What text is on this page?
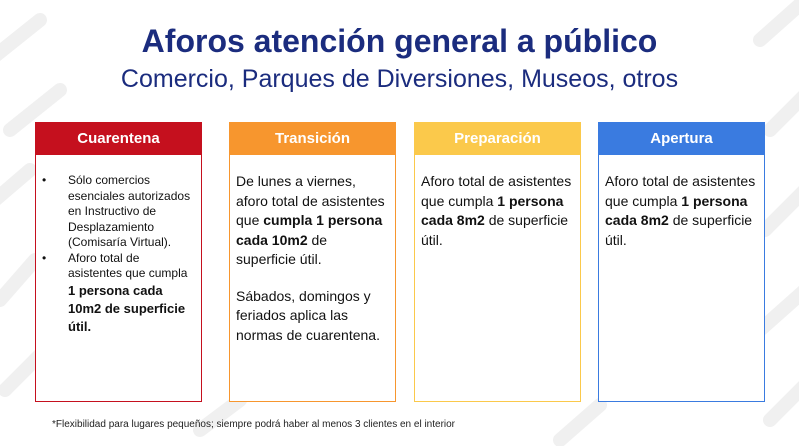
Aforos atención general a público
Comercio, Parques de Diversiones, Museos, otros
Cuarentena
• Sólo comercios esenciales autorizados en Instructivo de Desplazamiento (Comisaría Virtual).
• Aforo total de asistentes que cumpla 1 persona cada 10m2 de superficie útil.
Transición

De lunes a viernes, aforo total de asistentes que cumpla 1 persona cada 10m2 de superficie útil.

Sábados, domingos y feriados aplica las normas de cuarentena.

Preparación

Aforo total de asistentes que cumpla 1 persona cada 8m2 de superficie útil.

Apertura

Aforo total de asistentes que cumpla 1 persona cada 8m2 de superficie útil.

*Flexibilidad para lugares pequeños; siempre podrá haber al menos 3 clientes en el interior
